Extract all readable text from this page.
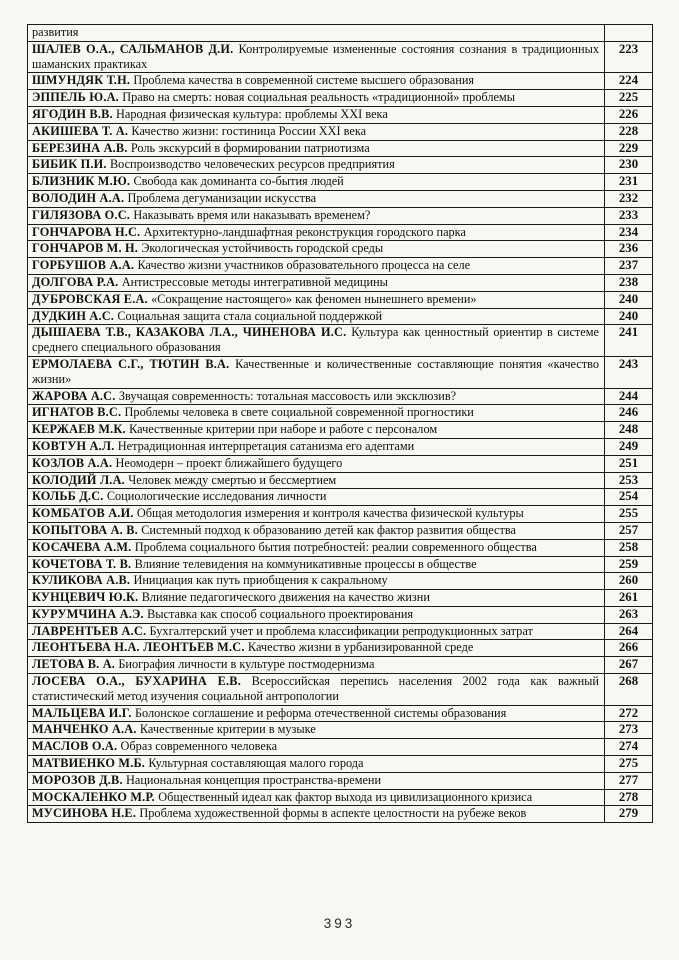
развития	
ШАЛЕВ О.А., САЛЬМАНОВ Д.И. Контролируемые измененные состояния сознания в традиционных шаманских практиках	223
ШМУНДЯК Т.Н. Проблема качества в современной системе высшего образования	224
ЭППЕЛЬ Ю.А. Право на смерть: новая социальная реальность «традиционной» проблемы	225
ЯГОДИН В.В. Народная физическая культура: проблемы XXI века	226
АКИШЕВА Т. А. Качество жизни: гостиница России XXI века	228
БЕРЕЗИНА А.В. Роль экскурсий в формировании патриотизма	229
БИБИК П.И. Воспроизводство человеческих ресурсов предприятия	230
БЛИЗНИК М.Ю. Свобода как доминанта со-бытия людей	231
ВОЛОДИН А.А. Проблема дегуманизации искусства	232
ГИЛЯЗОВА О.С. Наказывать время или наказывать временем?	233
ГОНЧАРОВА Н.С. Архитектурно-ландшафтная реконструкция городского парка	234
ГОНЧАРОВ М. Н. Экологическая устойчивость городской среды	236
ГОРБУШОВ А.А. Качество жизни участников образовательного процесса на селе	237
ДОЛГОВА Р.А. Антистрессовые методы интегративной медицины	238
ДУБРОВСКАЯ Е.А. «Сокращение настоящего» как феномен нынешнего времени»	240
ДУДКИН А.С. Социальная защита стала социальной поддержкой	240
ДЫШАЕВА Т.В., КАЗАКОВА Л.А., ЧИНЕНОВА И.С. Культура как ценностный ориентир в системе среднего специального образования	241
ЕРМОЛАЕВА С.Г., ТЮТИН В.А. Качественные и количественные составляющие понятия «качество жизни»	243
ЖАРОВА А.С. Звучащая современность: тотальная массовость или эксклюзив?	244
ИГНАТОВ В.С. Проблемы человека в свете социальной современной прогностики	246
КЕРЖАЕВ М.К. Качественные критерии при наборе и работе с персоналом	248
КОВТУН А.Л. Нетрадиционная интерпретация сатанизма его адептами	249
КОЗЛОВ А.А. Неомодерн – проект ближайшего будущего	251
КОЛОДИЙ Л.А. Человек между смертью и бессмертием	253
КОЛЬБ Д.С. Социологические исследования личности	254
КОМБАТОВ А.И. Общая методология измерения и контроля качества физической культуры	255
КОПЫТОВА А. В. Системный подход к образованию детей как фактор развития общества	257
КОСАЧЕВА А.М. Проблема социального бытия потребностей: реалии современного общества	258
КОЧЕТОВА Т. В. Влияние телевидения на коммуникативные процессы в обществе	259
КУЛИКОВА А.В. Инициация как путь приобщения к сакральному	260
КУНЦЕВИЧ Ю.К. Влияние педагогического движения на качество жизни	261
КУРУМЧИНА А.Э. Выставка как способ социального проектирования	263
ЛАВРЕНТЬЕВ А.С. Бухгалтерский учет и проблема классификации репродукционных затрат	264
ЛЕОНТЬЕВА Н.А. ЛЕОНТЬЕВ М.С. Качество жизни в урбанизированной среде	266
ЛЕТОВА В. А. Биография личности в культуре постмодернизма	267
ЛОСЕВА О.А., БУХАРИНА Е.В. Всероссийская перепись населения 2002 года как важный статистический метод изучения социальной антропологии	268
МАЛЬЦЕВА И.Г. Болонское соглашение и реформа отечественной системы образования	272
МАНЧЕНКО А.А. Качественные критерии в музыке	273
МАСЛОВ О.А. Образ современного человека	274
МАТВИЕНКО М.Б. Культурная составляющая малого города	275
МОРОЗОВ Д.В. Национальная концепция пространства-времени	277
МОСКАЛЕНКО М.Р. Общественный идеал как фактор выхода из цивилизационного кризиса	278
МУСИНОВА Н.Е. Проблема художественной формы в аспекте целостности на рубеже веков	279
393
